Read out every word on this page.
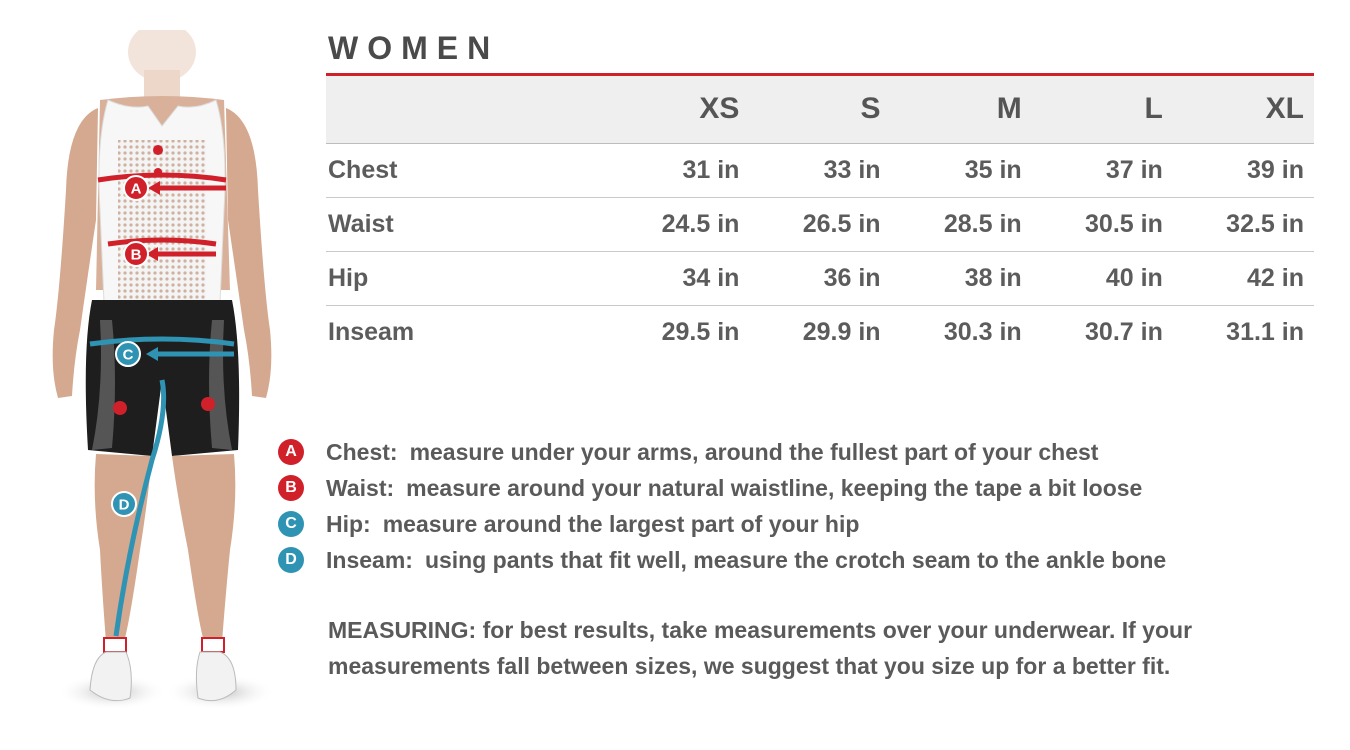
A
B
C
D
WOMEN
	XS	S	M	L	XL
Chest	31 in	33 in	35 in	37 in	39 in
Waist	24.5 in	26.5 in	28.5 in	30.5 in	32.5 in
Hip	34 in	36 in	38 in	40 in	42 in
Inseam	29.5 in	29.9 in	30.3 in	30.7 in	31.1 in
A	Chest: measure under your arms, around the fullest part of your chest
B	Waist: measure around your natural waistline, keeping the tape a bit loose
C	Hip: measure around the largest part of your hip
D	Inseam: using pants that fit well, measure the crotch seam to the ankle bone

MEASURING: for best results, take measurements over your underwear. If your
measurements fall between sizes, we suggest that you size up for a better fit.
